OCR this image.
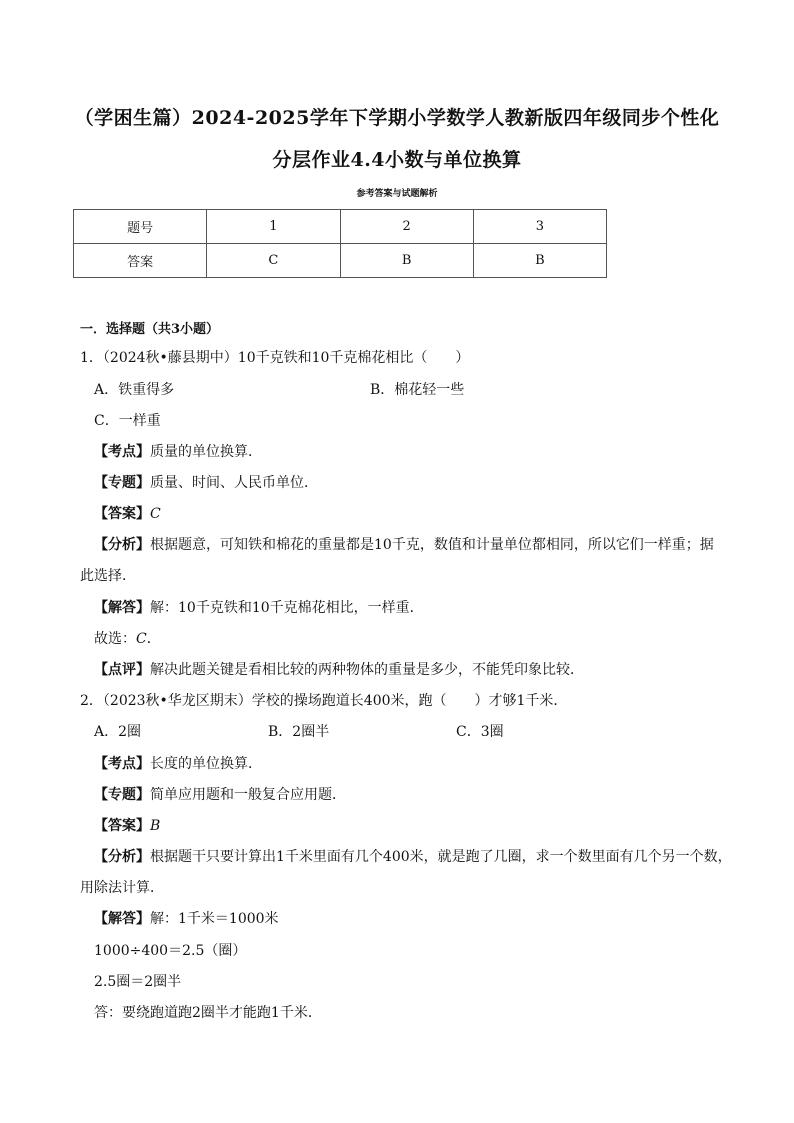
（学困生篇）2024-2025学年下学期小学数学人教新版四年级同步个性化
分层作业4.4小数与单位换算
参考答案与试题解析
题号	1	2	3
答案	C	B	B
一．选择题（共3小题）
1．（2024秋•藤县期中）10千克铁和10千克棉花相比（　　）
A．铁重得多	B．棉花轻一些
C．一样重
【考点】质量的单位换算．
【专题】质量、时间、人民币单位．
【答案】C
【分析】根据题意，可知铁和棉花的重量都是10千克，数值和计量单位都相同，所以它们一样重；据
此选择．
【解答】解：10千克铁和10千克棉花相比，一样重．
故选：C．
【点评】解决此题关键是看相比较的两种物体的重量是多少，不能凭印象比较．
2．（2023秋•华龙区期末）学校的操场跑道长400米，跑（　　）才够1千米．
A．2圈	B．2圈半	C．3圈
【考点】长度的单位换算．
【专题】简单应用题和一般复合应用题．
【答案】B
【分析】根据题干只要计算出1千米里面有几个400米，就是跑了几圈，求一个数里面有几个另一个数，
用除法计算．
【解答】解：1千米＝1000米
1000÷400＝2.5（圈）
2.5圈＝2圈半
答：要绕跑道跑2圈半才能跑1千米．
